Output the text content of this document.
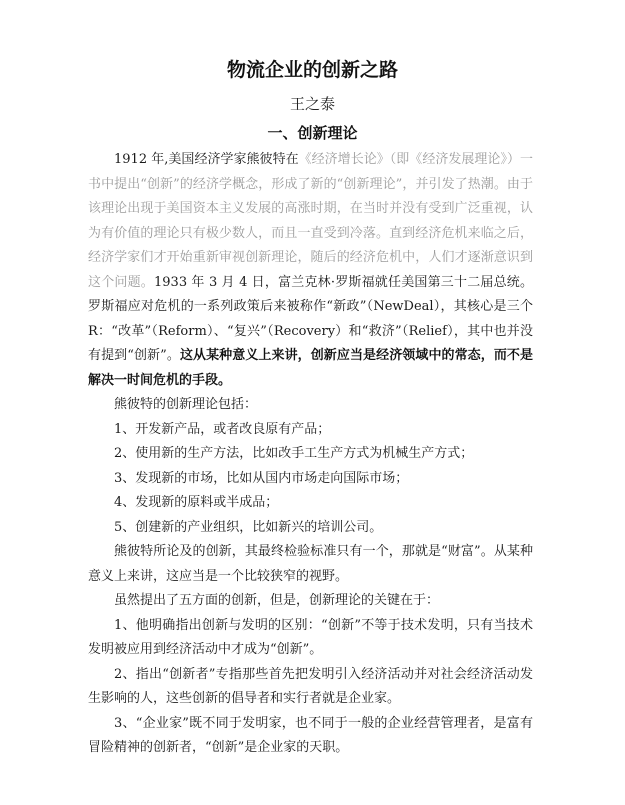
物流企业的创新之路
王之泰
一、创新理论

1912 年,美国经济学家熊彼特在《经济增长论》（即《经济发展理论》）一书中提出“创新”的经济学概念，形成了新的“创新理论”，并引发了热潮。由于该理论出现于美国资本主义发展的高涨时期，在当时并没有受到广泛重视，认为有价值的理论只有极少数人，而且一直受到冷落。直到经济危机来临之后，经济学家们才开始重新审视创新理论，随后的经济危机中，人们才逐渐意识到这个问题。1933 年 3 月 4 日，富兰克林·罗斯福就任美国第三十二届总统。罗斯福应对危机的一系列政策后来被称作“新政”（NewDeal），其核心是三个 R：“改革”（Reform）、“复兴”（Recovery）和“救济”（Relief），其中也并没有提到“创新”。这从某种意义上来讲，创新应当是经济领域中的常态，而不是解决一时间危机的手段。

熊彼特的创新理论包括：

1、开发新产品，或者改良原有产品；

2、使用新的生产方法，比如改手工生产方式为机械生产方式；

3、发现新的市场，比如从国内市场走向国际市场；

4、发现新的原料或半成品；

5、创建新的产业组织，比如新兴的培训公司。

熊彼特所论及的创新，其最终检验标准只有一个，那就是“财富”。从某种意义上来讲，这应当是一个比较狭窄的视野。

虽然提出了五方面的创新，但是，创新理论的关键在于：

1、他明确指出创新与发明的区别：“创新”不等于技术发明，只有当技术发明被应用到经济活动中才成为“创新”。

2、指出“创新者”专指那些首先把发明引入经济活动并对社会经济活动发生影响的人，这些创新的倡导者和实行者就是企业家。

3、“企业家”既不同于发明家，也不同于一般的企业经营管理者，是富有冒险精神的创新者，“创新”是企业家的天职。
